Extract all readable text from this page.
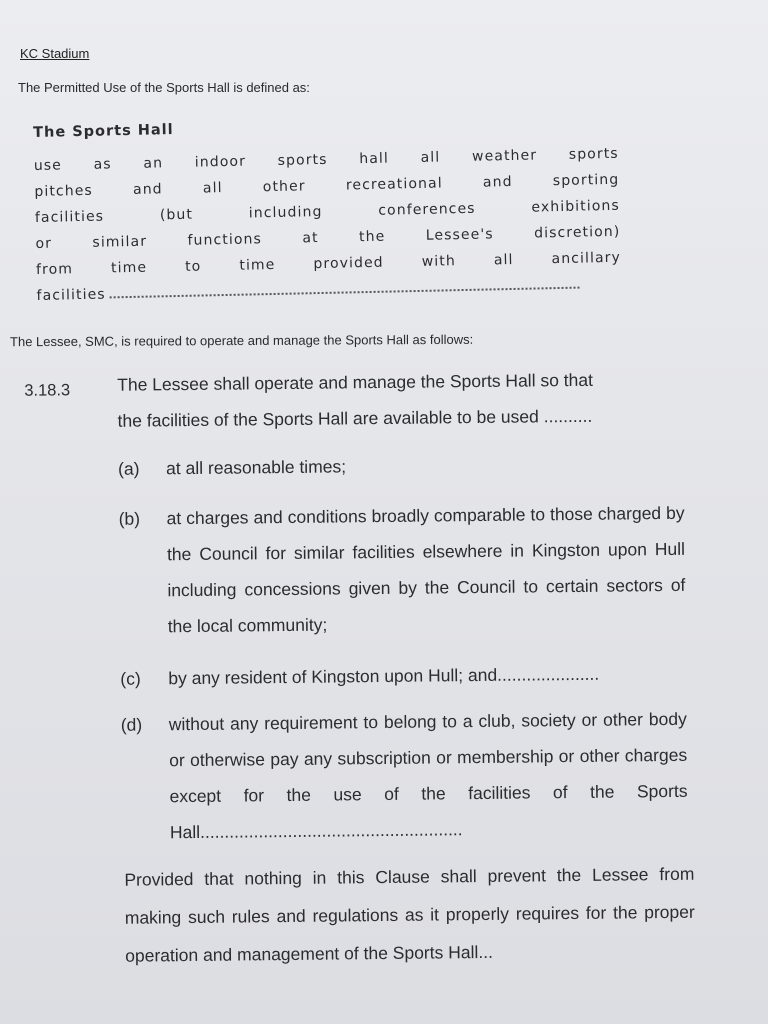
KC Stadium
The Permitted Use of the Sports Hall is defined as:
The Sports Hall
use as an indoor sports hall all weather sports
pitches and all other recreational and sporting
facilities (but including conferences exhibitions
or similar functions at the Lessee's discretion)
from time to time provided with all ancillary
facilities
The Lessee, SMC, is required to operate and manage the Sports Hall as follows:
3.18.3	The Lessee shall operate and manage the Sports Hall so that
the facilities of the Sports Hall are available to be used ..........
(a)	at all reasonable times;
(b)	at charges and conditions broadly comparable to those charged by the Council for similar facilities elsewhere in Kingston upon Hull including concessions given by the Council to certain sectors of the local community;
(c)	by any resident of Kingston upon Hull; and.....................
(d)	without any requirement to belong to a club, society or other body or otherwise pay any subscription or membership or other charges except for the use of the facilities of the Sports Hall......................................................
Provided that nothing in this Clause shall prevent the Lessee from making such rules and regulations as it properly requires for the proper operation and management of the Sports Hall...
